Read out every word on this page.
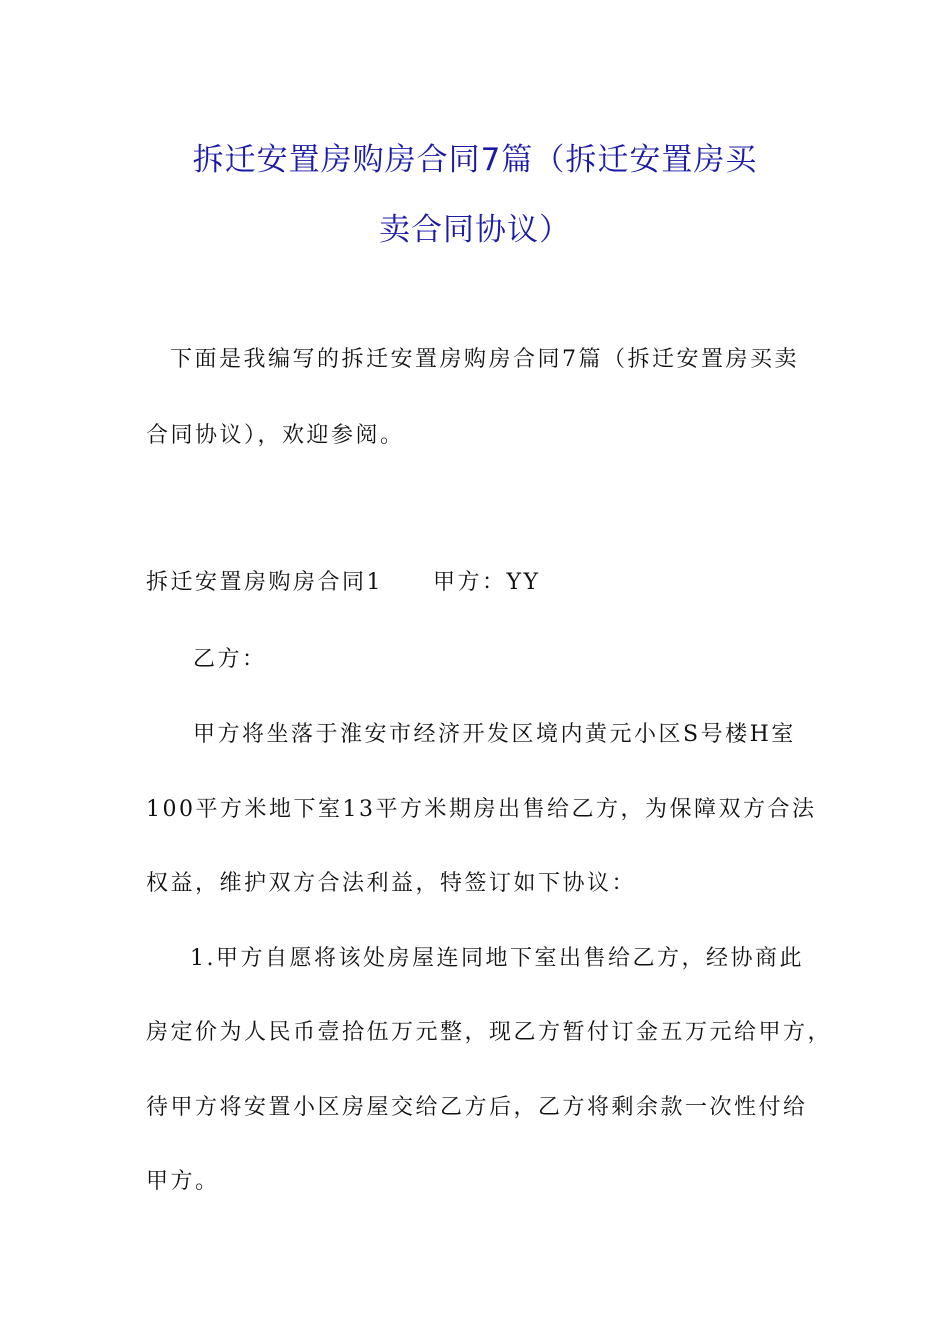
拆迁安置房购房合同7篇（拆迁安置房买
卖合同协议）
下面是我编写的拆迁安置房购房合同7篇（拆迁安置房买卖
合同协议），欢迎参阅。
拆迁安置房购房合同1 甲方：YY
乙方：
甲方将坐落于淮安市经济开发区境内黄元小区S号楼H室
100平方米地下室13平方米期房出售给乙方，为保障双方合法
权益，维护双方合法利益，特签订如下协议：
1.甲方自愿将该处房屋连同地下室出售给乙方，经协商此
房定价为人民币壹拾伍万元整，现乙方暂付订金五万元给甲方，
待甲方将安置小区房屋交给乙方后，乙方将剩余款一次性付给
甲方。
